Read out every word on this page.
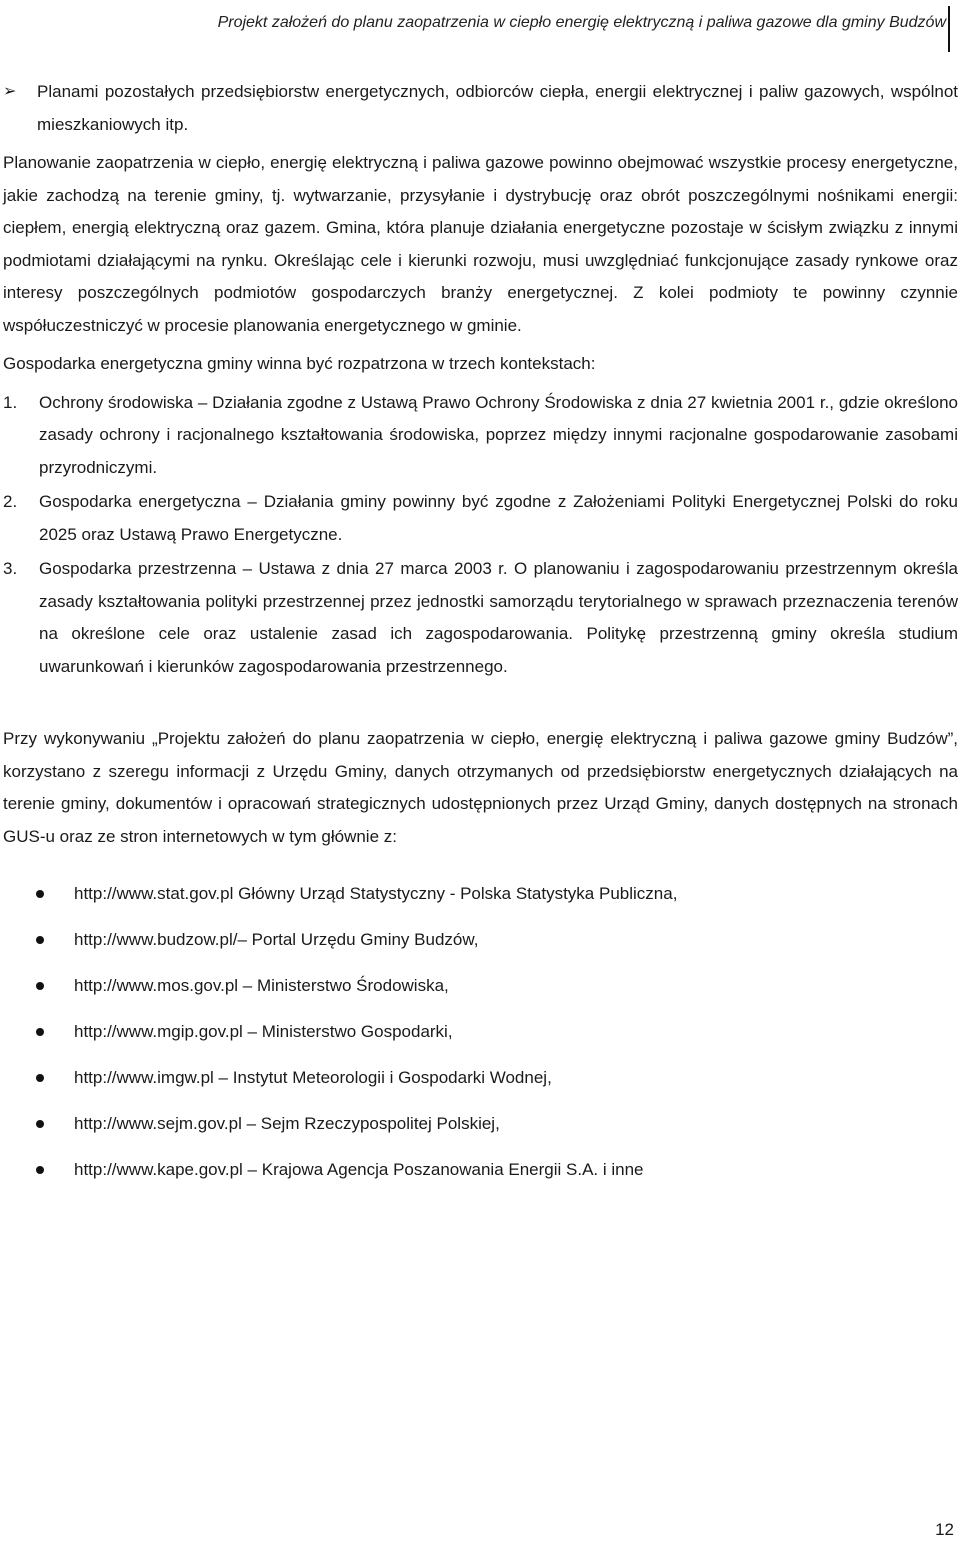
Projekt założeń do planu zaopatrzenia w ciepło energię elektryczną i paliwa gazowe dla gminy Budzów
➢	Planami pozostałych przedsiębiorstw energetycznych, odbiorców ciepła, energii elektrycznej i paliw gazowych, wspólnot mieszkaniowych itp.

Planowanie zaopatrzenia w ciepło, energię elektryczną i paliwa gazowe powinno obejmować wszystkie procesy energetyczne, jakie zachodzą na terenie gminy, tj. wytwarzanie, przysyłanie i dystrybucję oraz obrót poszczególnymi nośnikami energii: ciepłem, energią elektryczną oraz gazem. Gmina, która planuje działania energetyczne pozostaje w ścisłym związku z innymi podmiotami działającymi na rynku. Określając cele i kierunki rozwoju, musi uwzględniać funkcjonujące zasady rynkowe oraz interesy poszczególnych podmiotów gospodarczych branży energetycznej. Z kolei podmioty te powinny czynnie współuczestniczyć w procesie planowania energetycznego w gminie.

Gospodarka energetyczna gminy winna być rozpatrzona w trzech kontekstach:

1.	Ochrony środowiska – Działania zgodne z Ustawą Prawo Ochrony Środowiska z dnia 27 kwietnia 2001 r., gdzie określono zasady ochrony i racjonalnego kształtowania środowiska, poprzez między innymi racjonalne gospodarowanie zasobami przyrodniczymi.
2.	Gospodarka energetyczna – Działania gminy powinny być zgodne z Założeniami Polityki Energetycznej Polski do roku 2025 oraz Ustawą Prawo Energetyczne.
3.	Gospodarka przestrzenna – Ustawa z dnia 27 marca 2003 r. O planowaniu i zagospodarowaniu przestrzennym określa zasady kształtowania polityki przestrzennej przez jednostki samorządu terytorialnego w sprawach przeznaczenia terenów na określone cele oraz ustalenie zasad ich zagospodarowania. Politykę przestrzenną gminy określa studium uwarunkowań i kierunków zagospodarowania przestrzennego.

Przy wykonywaniu „Projektu założeń do planu zaopatrzenia w ciepło, energię elektryczną i paliwa gazowe gminy Budzów”, korzystano z szeregu informacji z Urzędu Gminy, danych otrzymanych od przedsiębiorstw energetycznych działających na terenie gminy, dokumentów i opracowań strategicznych udostępnionych przez Urząd Gminy, danych dostępnych na stronach GUS-u oraz ze stron internetowych w tym głównie z:

http://www.stat.gov.pl Główny Urząd Statystyczny - Polska Statystyka Publiczna,
http://www.budzow.pl/– Portal Urzędu Gminy Budzów,
http://www.mos.gov.pl – Ministerstwo Środowiska,
http://www.mgip.gov.pl – Ministerstwo Gospodarki,
http://www.imgw.pl – Instytut Meteorologii i Gospodarki Wodnej,
http://www.sejm.gov.pl – Sejm Rzeczypospolitej Polskiej,
http://www.kape.gov.pl – Krajowa Agencja Poszanowania Energii S.A. i inne
12
